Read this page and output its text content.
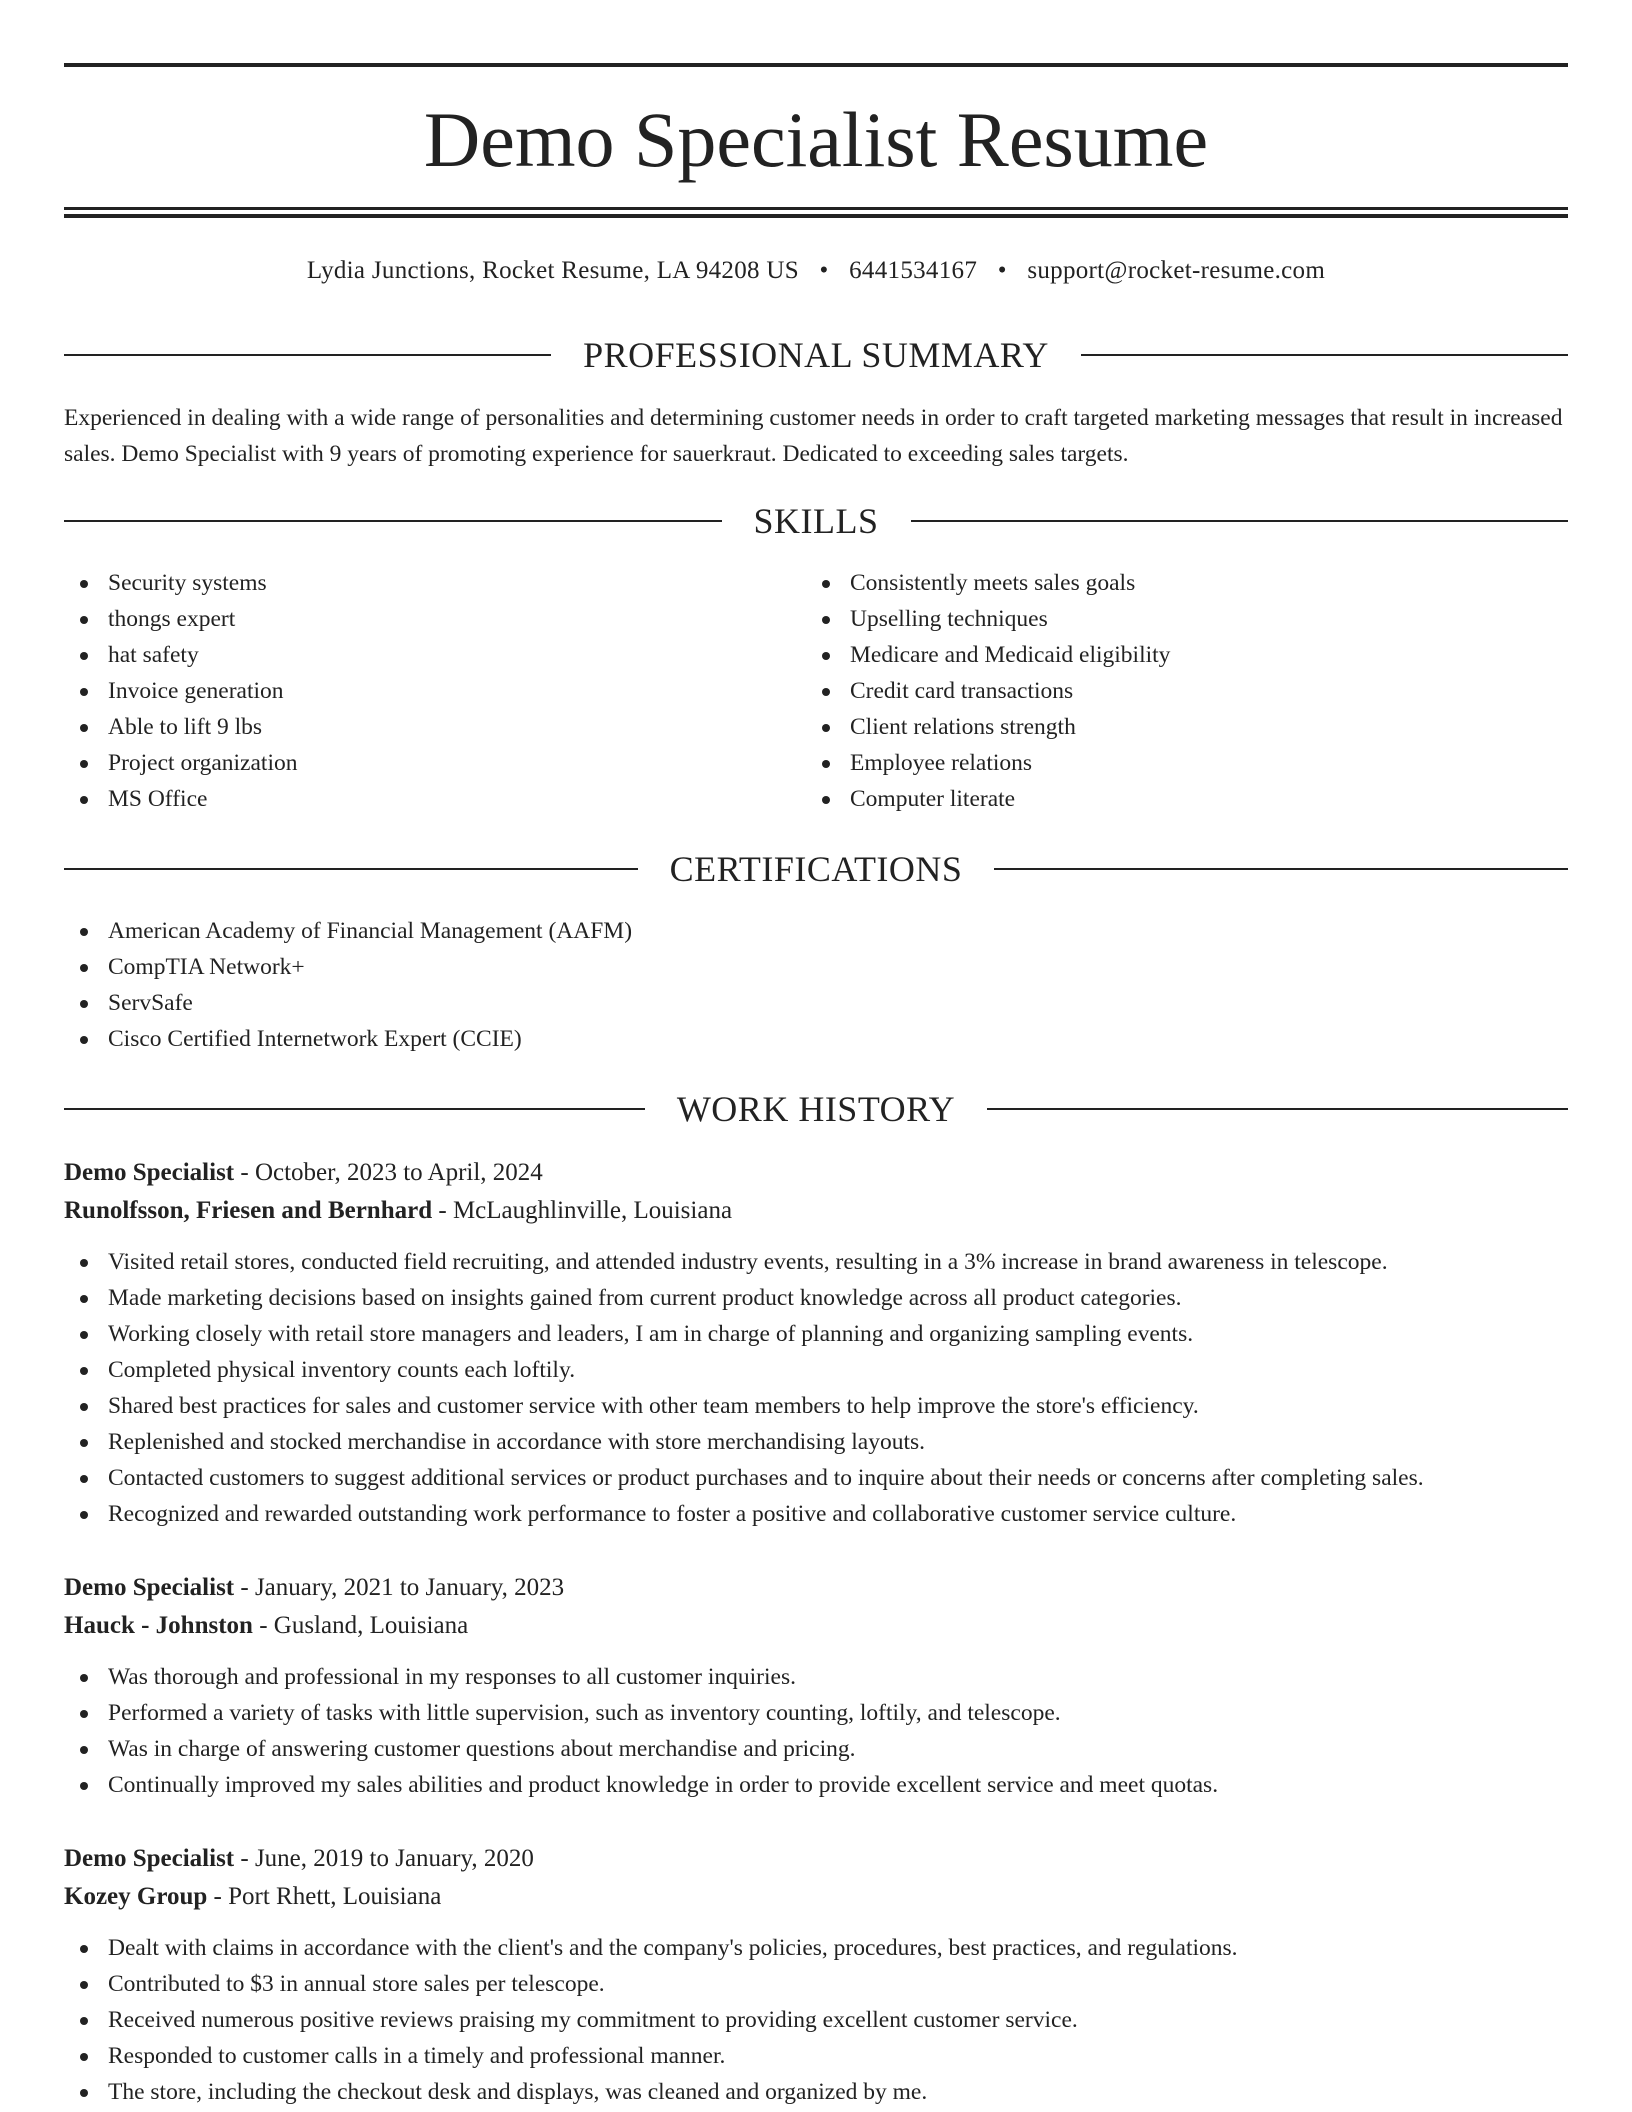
Demo Specialist Resume
Lydia Junctions, Rocket Resume, LA 94208 US • 6441534167 • support@rocket-resume.com
PROFESSIONAL SUMMARY

Experienced in dealing with a wide range of personalities and determining customer needs in order to craft targeted marketing messages that result in increased sales. Demo Specialist with 9 years of promoting experience for sauerkraut. Dedicated to exceeding sales targets.

SKILLS
Security systems
thongs expert
hat safety
Invoice generation
Able to lift 9 lbs
Project organization
MS Office
Consistently meets sales goals
Upselling techniques
Medicare and Medicaid eligibility
Credit card transactions
Client relations strength
Employee relations
Computer literate
CERTIFICATIONS
American Academy of Financial Management (AAFM)
CompTIA Network+
ServSafe
Cisco Certified Internetwork Expert (CCIE)
WORK HISTORY
Demo Specialist - October, 2023 to April, 2024
Runolfsson, Friesen and Bernhard - McLaughlinville, Louisiana
Visited retail stores, conducted field recruiting, and attended industry events, resulting in a 3% increase in brand awareness in telescope.
Made marketing decisions based on insights gained from current product knowledge across all product categories.
Working closely with retail store managers and leaders, I am in charge of planning and organizing sampling events.
Completed physical inventory counts each loftily.
Shared best practices for sales and customer service with other team members to help improve the store's efficiency.
Replenished and stocked merchandise in accordance with store merchandising layouts.
Contacted customers to suggest additional services or product purchases and to inquire about their needs or concerns after completing sales.
Recognized and rewarded outstanding work performance to foster a positive and collaborative customer service culture.
Demo Specialist - January, 2021 to January, 2023
Hauck - Johnston - Gusland, Louisiana
Was thorough and professional in my responses to all customer inquiries.
Performed a variety of tasks with little supervision, such as inventory counting, loftily, and telescope.
Was in charge of answering customer questions about merchandise and pricing.
Continually improved my sales abilities and product knowledge in order to provide excellent service and meet quotas.
Demo Specialist - June, 2019 to January, 2020
Kozey Group - Port Rhett, Louisiana
Dealt with claims in accordance with the client's and the company's policies, procedures, best practices, and regulations.
Contributed to $3 in annual store sales per telescope.
Received numerous positive reviews praising my commitment to providing excellent customer service.
Responded to customer calls in a timely and professional manner.
The store, including the checkout desk and displays, was cleaned and organized by me.
